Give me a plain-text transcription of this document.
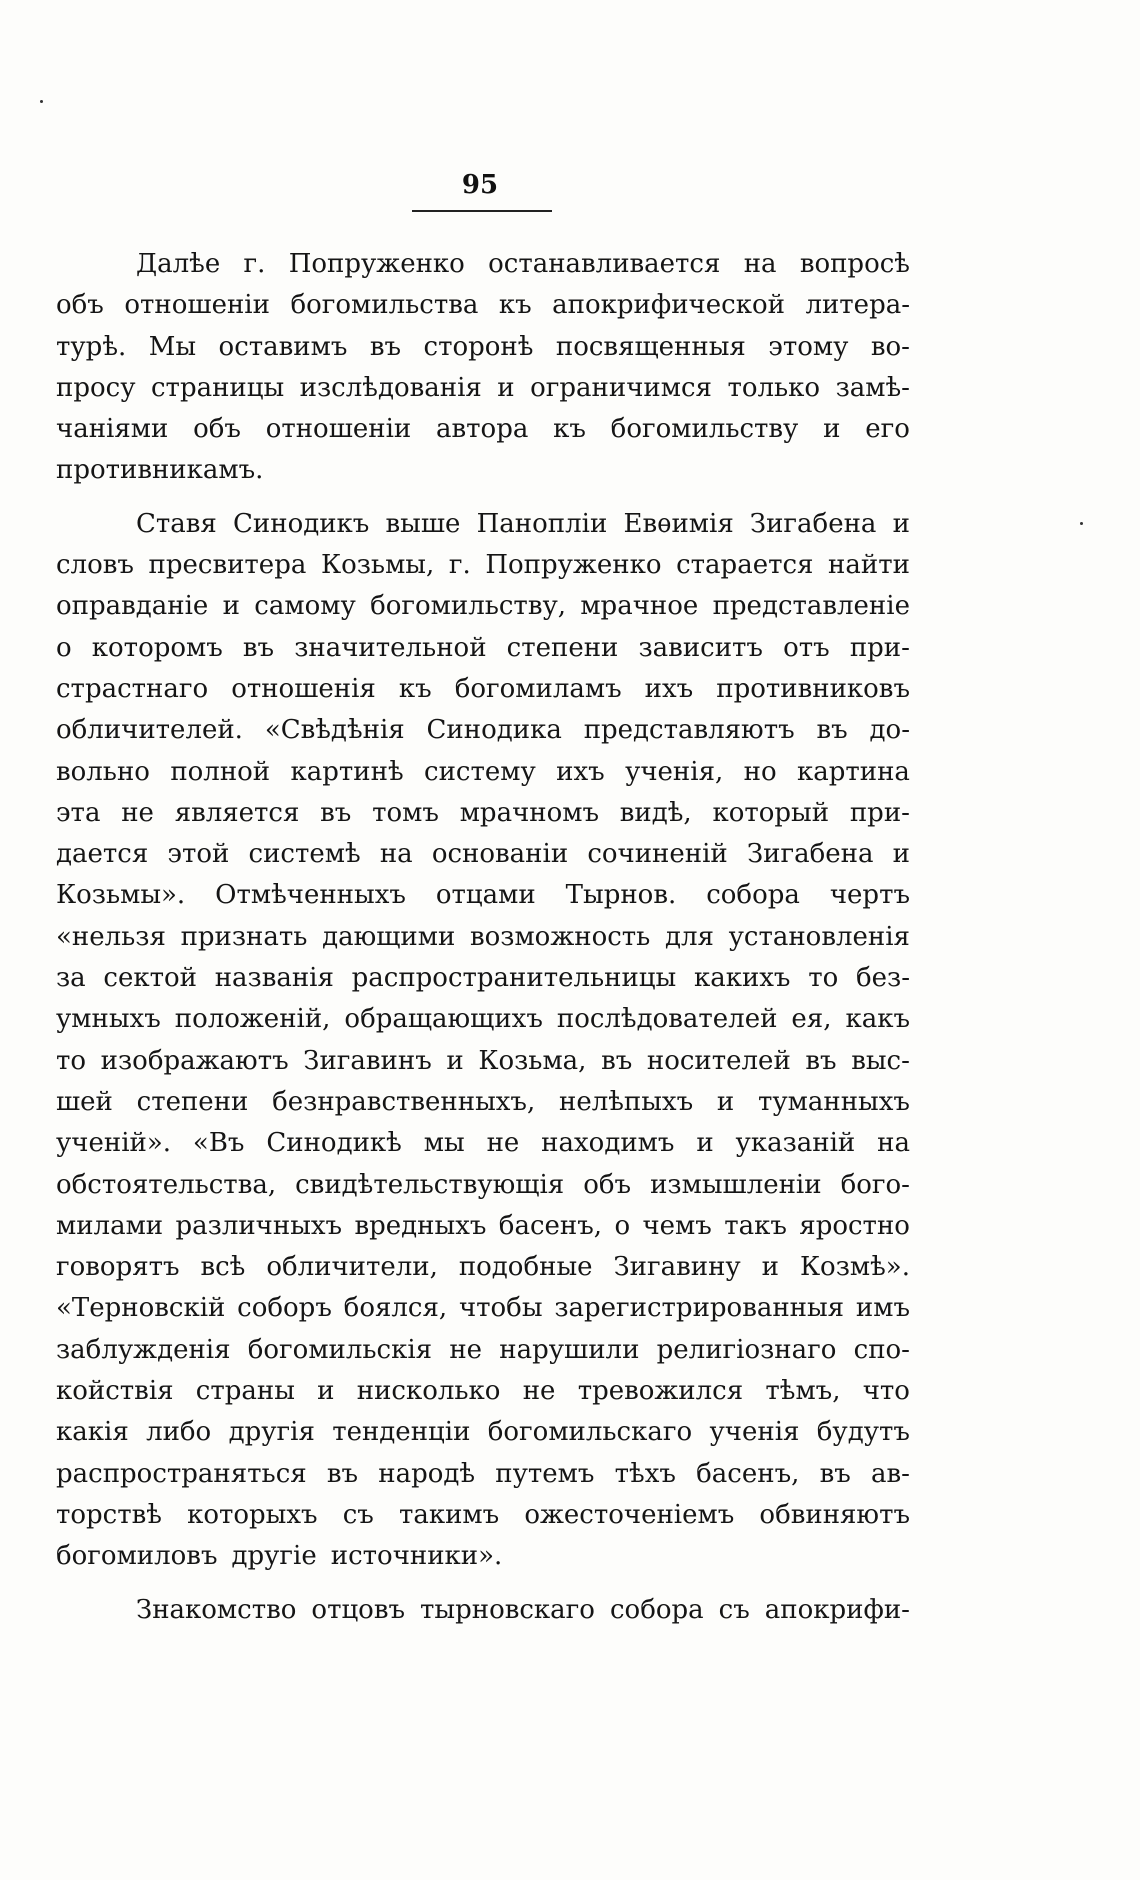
95
Далѣе г. Попруженко останавливается на вопросѣ
объ отношеніи богомильства къ апокрифической литера-
турѣ. Мы оставимъ въ сторонѣ посвященныя этому во-
просу страницы изслѣдованія и ограничимся только замѣ-
чаніями объ отношеніи автора къ богомильству и его
противникамъ.
Ставя Синодикъ выше Паноплiи Евѳимія Зигабена и
словъ пресвитера Козьмы, г. Попруженко старается найти
оправданіе и самому богомильству, мрачное представленіе
о которомъ въ значительной степени зависитъ отъ при-
страстнаго отношенія къ богомиламъ ихъ противниковъ
обличителей. «Свѣдѣнія Синодика представляютъ въ до-
вольно полной картинѣ систему ихъ ученія, но картина
эта не является въ томъ мрачномъ видѣ, который при-
дается этой системѣ на основаніи сочиненій Зигабена и
Козьмы». Отмѣченныхъ отцами Тырнов. собора чертъ
«нельзя признать дающими возможность для установленія
за сектой названія распространительницы какихъ то без-
умныхъ положеній, обращающихъ послѣдователей ея, какъ
то изображаютъ Зигавинъ и Козьма, въ носителей въ выс-
шей степени безнравственныхъ, нелѣпыхъ и туманныхъ
ученій». «Въ Синодикѣ мы не находимъ и указаній на
обстоятельства, свидѣтельствующія объ измышленіи бого-
милами различныхъ вредныхъ басенъ, о чемъ такъ яростно
говорятъ всѣ обличители, подобные Зигавину и Козмѣ».
«Терновскій соборъ боялся, чтобы зарегистрированныя имъ
заблужденія богомильскія не нарушили религіознаго спо-
койствія страны и нисколько не тревожился тѣмъ, что
какія либо другія тенденціи богомильскаго ученія будутъ
распространяться въ народѣ путемъ тѣхъ басенъ, въ ав-
торствѣ которыхъ съ такимъ ожесточеніемъ обвиняютъ
богомиловъ другіе источники».
Знакомство отцовъ тырновскаго собора съ апокрифи-
